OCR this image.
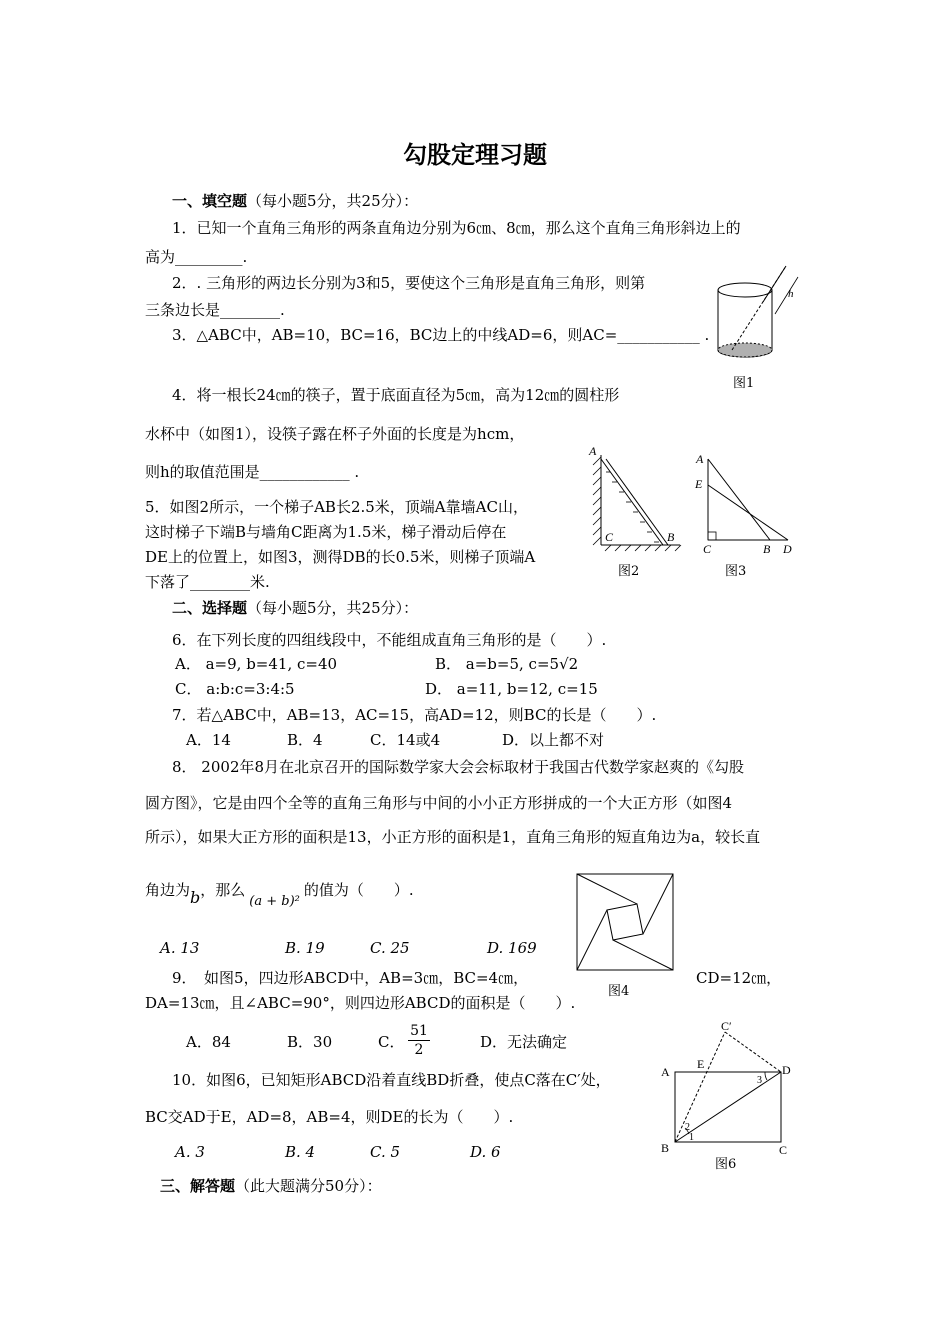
勾股定理习题
一、填空题（每小题5分，共25分）：
1．已知一个直角三角形的两条直角边分别为6㎝、8㎝，那么这个直角三角形斜边上的
高为_________.
2．. 三角形的两边长分别为3和5，要使这个三角形是直角三角形，则第
三条边长是________.
3．△ABC中，AB=10，BC=16，BC边上的中线AD=6，则AC=___________ .
4．将一根长24㎝的筷子，置于底面直径为5㎝，高为12㎝的圆柱形
水杯中（如图1），设筷子露在杯子外面的长度是为hcm，
则h的取值范围是____________ .
5．如图2所示，一个梯子AB长2.5米，顶端A靠墙AC山，
这时梯子下端B与墙角C距离为1.5米，梯子滑动后停在
DE上的位置上，如图3，测得DB的长0.5米，则梯子顶端A
下落了________米.
二、选择题（每小题5分，共25分）：
6．在下列长度的四组线段中，不能组成直角三角形的是（　　）.
A． a=9, b=41, c=40	B． a=b=5, c=5√2
C． a:b:c=3:4:5	D． a=11, b=12, c=15
7．若△ABC中，AB=13，AC=15，高AD=12，则BC的长是（　　）.
A．14	B．4	C．14或4	D．以上都不对
8． 2002年8月在北京召开的国际数学家大会会标取材于我国古代数学家赵爽的《勾股
圆方图》，它是由四个全等的直角三角形与中间的小小正方形拼成的一个大正方形（如图4
所示），如果大正方形的面积是13，小正方形的面积是1，直角三角形的短直角边为a，较长直
角边为b，那么(a + b)²的值为（　　）.
A. 13	B. 19	C. 25	D. 169
9．　如图5，四边形ABCD中，AB=3㎝，BC=4㎝，	CD=12㎝，
DA=13㎝，且∠ABC=90°，则四边形ABCD的面积是（　　）.
A．84	B．30	C．
51
2	D．无法确定
10．如图6，已知矩形ABCD沿着直线BD折叠，使点C落在C′处，
BC交AD于E，AD=8，AB=4，则DE的长为（　　）.
A. 3	B. 4	C. 5	D. 6
三、解答题（此大题满分50分）：
h
图1
A
C	B
图2
A
E
C	B D
图3
图4
A
B	C
D
E
C′
1
2
3
图6
